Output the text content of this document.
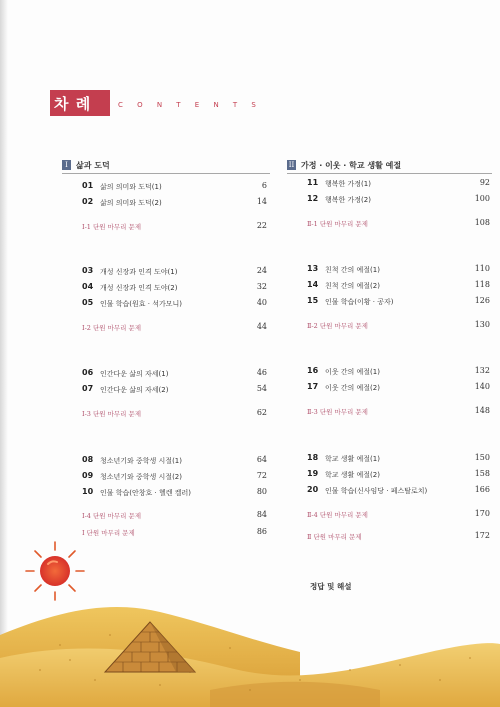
차 례	C O N T E N T S
I	삶과 도덕	II 가정 · 이웃 · 학교 생활 예절
01 삶의 의미와 도덕(1)	6
02 삶의 의미와 도덕(2)	14
Ⅰ-1 단원 마무리 문제	22
03 개성 신장과 인격 도야(1)	24
04 개성 신장과 인격 도야(2)	32
05 인물 학습(원효 · 석가모니)	40
Ⅰ-2 단원 마무리 문제	44
06 인간다운 삶의 자세(1)	46
07 인간다운 삶의 자세(2)	54
Ⅰ-3 단원 마무리 문제	62
08 청소년기와 중학생 시절(1)	64
09 청소년기와 중학생 시절(2)	72
10 인물 학습(안창호 · 헬렌 켈러)	80
Ⅰ-4 단원 마무리 문제	84
Ⅰ 단원 마무리 문제	86
11 행복한 가정(1)	92
12 행복한 가정(2)	100
Ⅱ-1 단원 마무리 문제	108
13 친척 간의 예절(1)	110
14 친척 간의 예절(2)	118
15 인물 학습(이황 · 공자)	126
Ⅱ-2 단원 마무리 문제	130
16 이웃 간의 예절(1)	132
17 이웃 간의 예절(2)	140
Ⅱ-3 단원 마무리 문제	148
18 학교 생활 예절(1)	150
19 학교 생활 예절(2)	158
20 인물 학습(신사임당 · 페스탈로치)	166
Ⅱ-4 단원 마무리 문제	170
Ⅱ 단원 마무리 문제	172
정답 및 해설
